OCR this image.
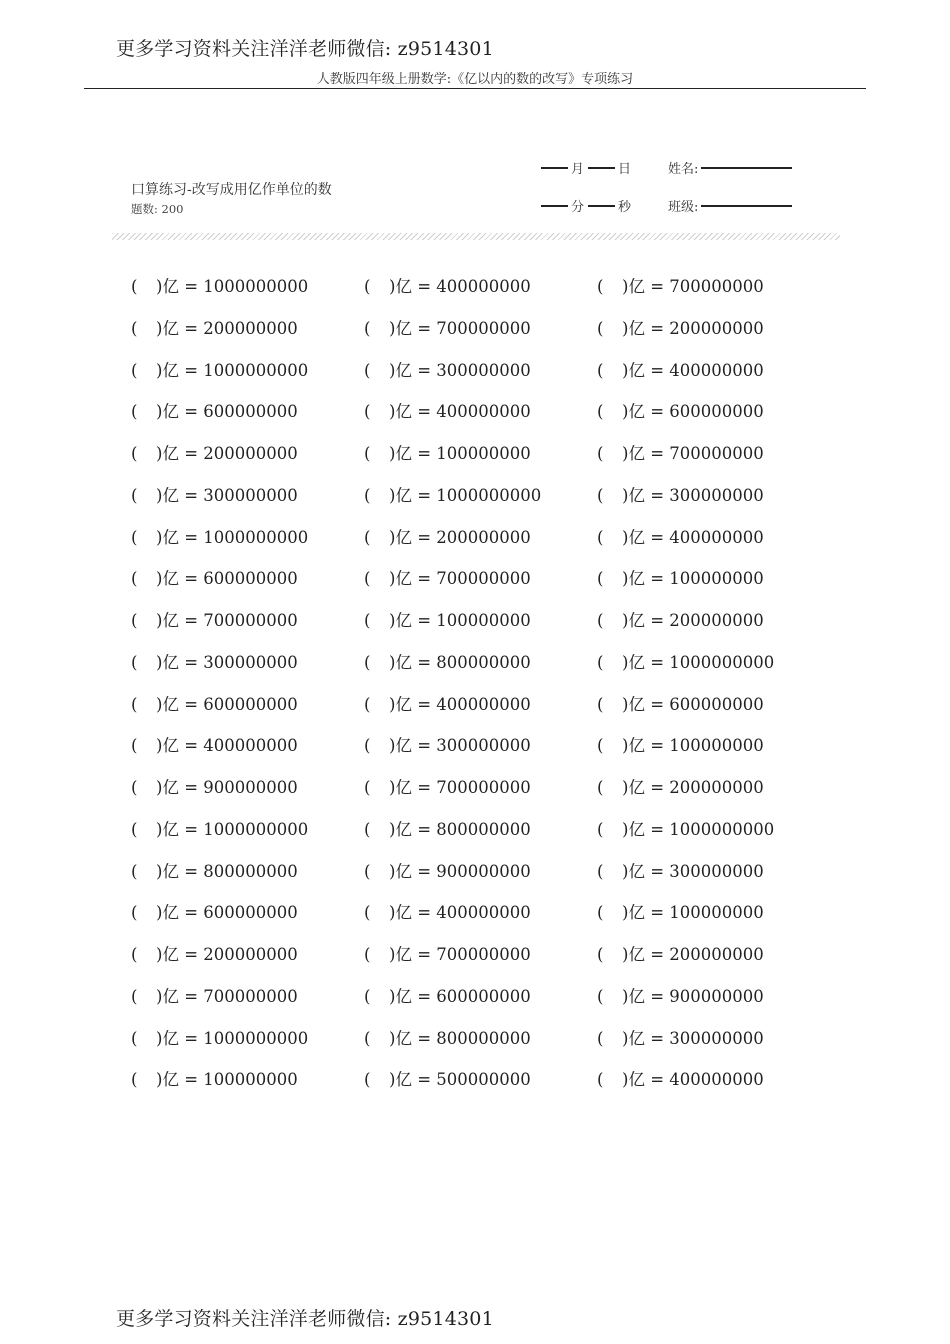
更多学习资料关注洋洋老师微信: z9514301
人教版四年级上册数学:《亿以内的数的改写》专项练习
口算练习-改写成用亿作单位的数
题数: 200
月	日
分	秒
姓名:
班级:
( )亿 = 1000000000	( )亿 = 400000000	( )亿 = 700000000
( )亿 = 200000000	( )亿 = 700000000	( )亿 = 200000000
( )亿 = 1000000000	( )亿 = 300000000	( )亿 = 400000000
( )亿 = 600000000	( )亿 = 400000000	( )亿 = 600000000
( )亿 = 200000000	( )亿 = 100000000	( )亿 = 700000000
( )亿 = 300000000	( )亿 = 1000000000	( )亿 = 300000000
( )亿 = 1000000000	( )亿 = 200000000	( )亿 = 400000000
( )亿 = 600000000	( )亿 = 700000000	( )亿 = 100000000
( )亿 = 700000000	( )亿 = 100000000	( )亿 = 200000000
( )亿 = 300000000	( )亿 = 800000000	( )亿 = 1000000000
( )亿 = 600000000	( )亿 = 400000000	( )亿 = 600000000
( )亿 = 400000000	( )亿 = 300000000	( )亿 = 100000000
( )亿 = 900000000	( )亿 = 700000000	( )亿 = 200000000
( )亿 = 1000000000	( )亿 = 800000000	( )亿 = 1000000000
( )亿 = 800000000	( )亿 = 900000000	( )亿 = 300000000
( )亿 = 600000000	( )亿 = 400000000	( )亿 = 100000000
( )亿 = 200000000	( )亿 = 700000000	( )亿 = 200000000
( )亿 = 700000000	( )亿 = 600000000	( )亿 = 900000000
( )亿 = 1000000000	( )亿 = 800000000	( )亿 = 300000000
( )亿 = 100000000	( )亿 = 500000000	( )亿 = 400000000
更多学习资料关注洋洋老师微信: z9514301
